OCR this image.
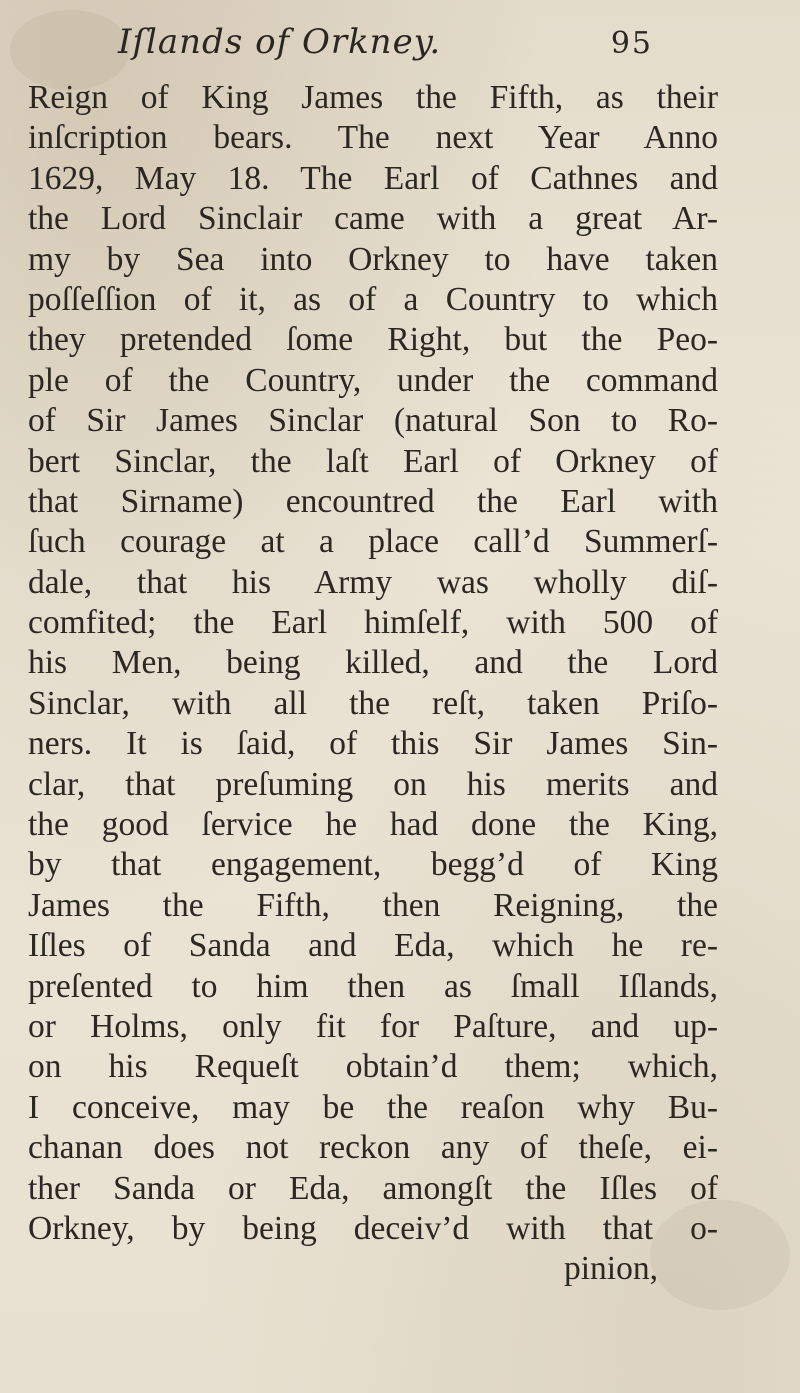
Iſlands of Orkney.	95
Reign of King James the Fifth, as their
inſcription bears. The next Year Anno
1629, May 18. The Earl of Cathnes and
the Lord Sinclair came with a great Ar-
my by Sea into Orkney to have taken
poſſeſſion of it, as of a Country to which
they pretended ſome Right, but the Peo-
ple of the Country, under the command
of Sir James Sinclar (natural Son to Ro-
bert Sinclar, the laſt Earl of Orkney of
that Sirname) encountred the Earl with
ſuch courage at a place call’d Summerſ-
dale, that his Army was wholly diſ-
comfited; the Earl himſelf, with 500 of
his Men, being killed, and the Lord
Sinclar, with all the reſt, taken Priſo-
ners. It is ſaid, of this Sir James Sin-
clar, that preſuming on his merits and
the good ſervice he had done the King,
by that engagement, begg’d of King
James the Fifth, then Reigning, the
Iſles of Sanda and Eda, which he re-
preſented to him then as ſmall Iſlands,
or Holms, only fit for Paſture, and up-
on his Requeſt obtain’d them; which,
I conceive, may be the reaſon why Bu-
chanan does not reckon any of theſe, ei-
ther Sanda or Eda, amongſt the Iſles of
Orkney, by being deceiv’d with that o-
pinion,
